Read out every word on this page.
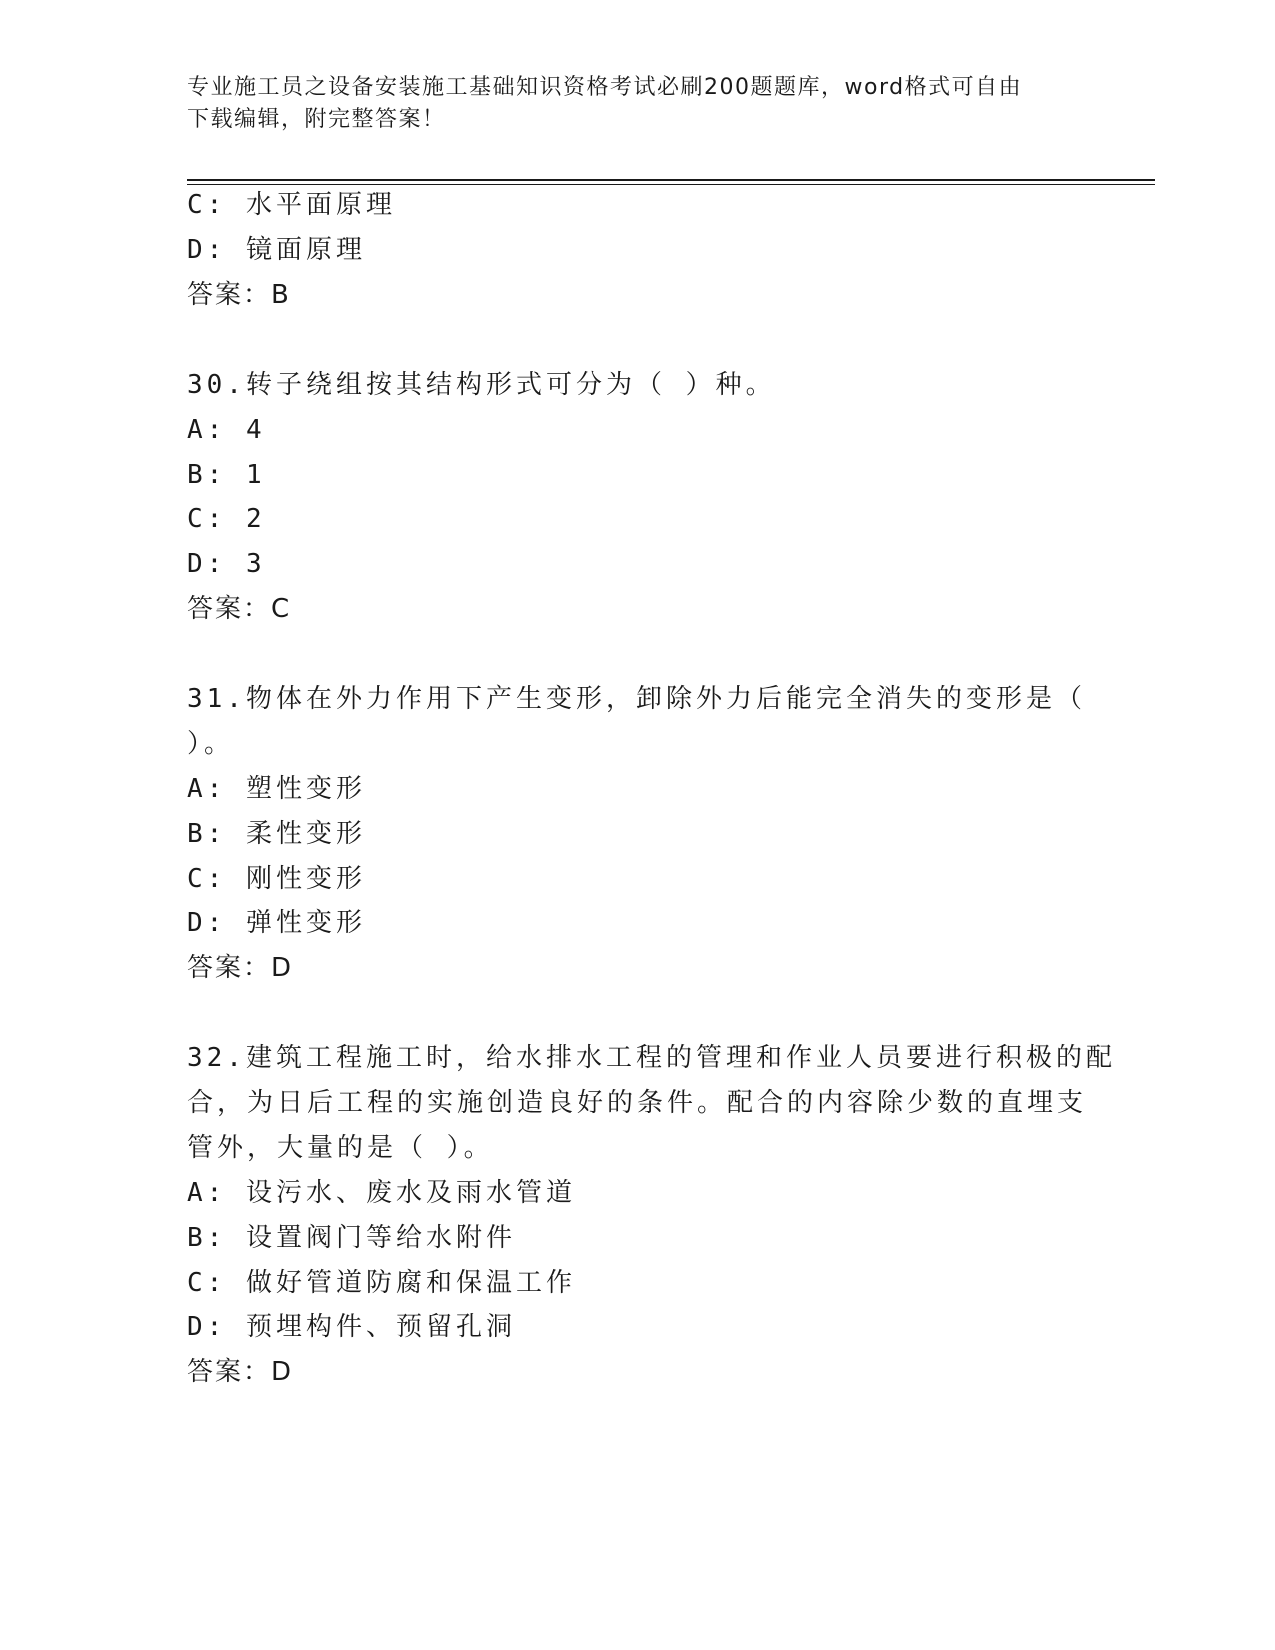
专业施工员之设备安装施工基础知识资格考试必刷200题题库，word格式可自由
下载编辑，附完整答案！
C: 水平面原理
D: 镜面原理
答案：B
30.转子绕组按其结构形式可分为（ ）种。
A: 4
B: 1
C: 2
D: 3
答案：C
31.物体在外力作用下产生变形，卸除外力后能完全消失的变形是（
）。
A: 塑性变形
B: 柔性变形
C: 刚性变形
D: 弹性变形
答案：D
32.建筑工程施工时，给水排水工程的管理和作业人员要进行积极的配
合，为日后工程的实施创造良好的条件。配合的内容除少数的直埋支
管外，大量的是（ ）。
A: 设污水、废水及雨水管道
B: 设置阀门等给水附件
C: 做好管道防腐和保温工作
D: 预埋构件、预留孔洞
答案：D
